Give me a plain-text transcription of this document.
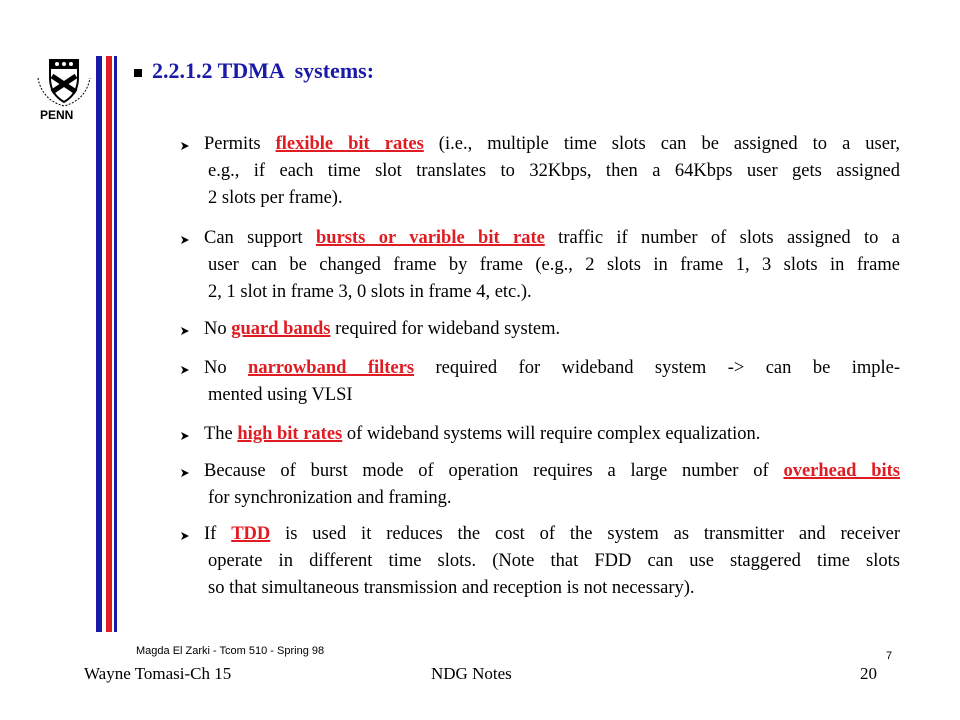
PENN
2.2.1.2 TDMA  systems:
Permits flexible bit rates (i.e., multiple time slots can be assigned to a user,
e.g., if each time slot translates to 32Kbps, then a 64Kbps user gets assigned
2 slots per frame).
Can support bursts or varible bit rate traffic if number of slots assigned to a
user can be changed frame by frame (e.g., 2 slots in frame 1, 3 slots in frame
2, 1 slot in frame 3, 0 slots in frame 4, etc.).
No guard bands required for wideband system.
No narrowband filters required for wideband system -> can be imple-
mented using VLSI
The high bit rates of wideband systems will require complex equalization.
Because of burst mode of operation requires a large number of overhead bits
for synchronization and framing.
If TDD is used it reduces the cost of the system as transmitter and receiver
operate in different time slots. (Note that FDD can use staggered time slots
so that simultaneous transmission and reception is not necessary).
Magda El Zarki - Tcom 510 - Spring 98	7
Wayne Tomasi-Ch 15	NDG Notes	20
